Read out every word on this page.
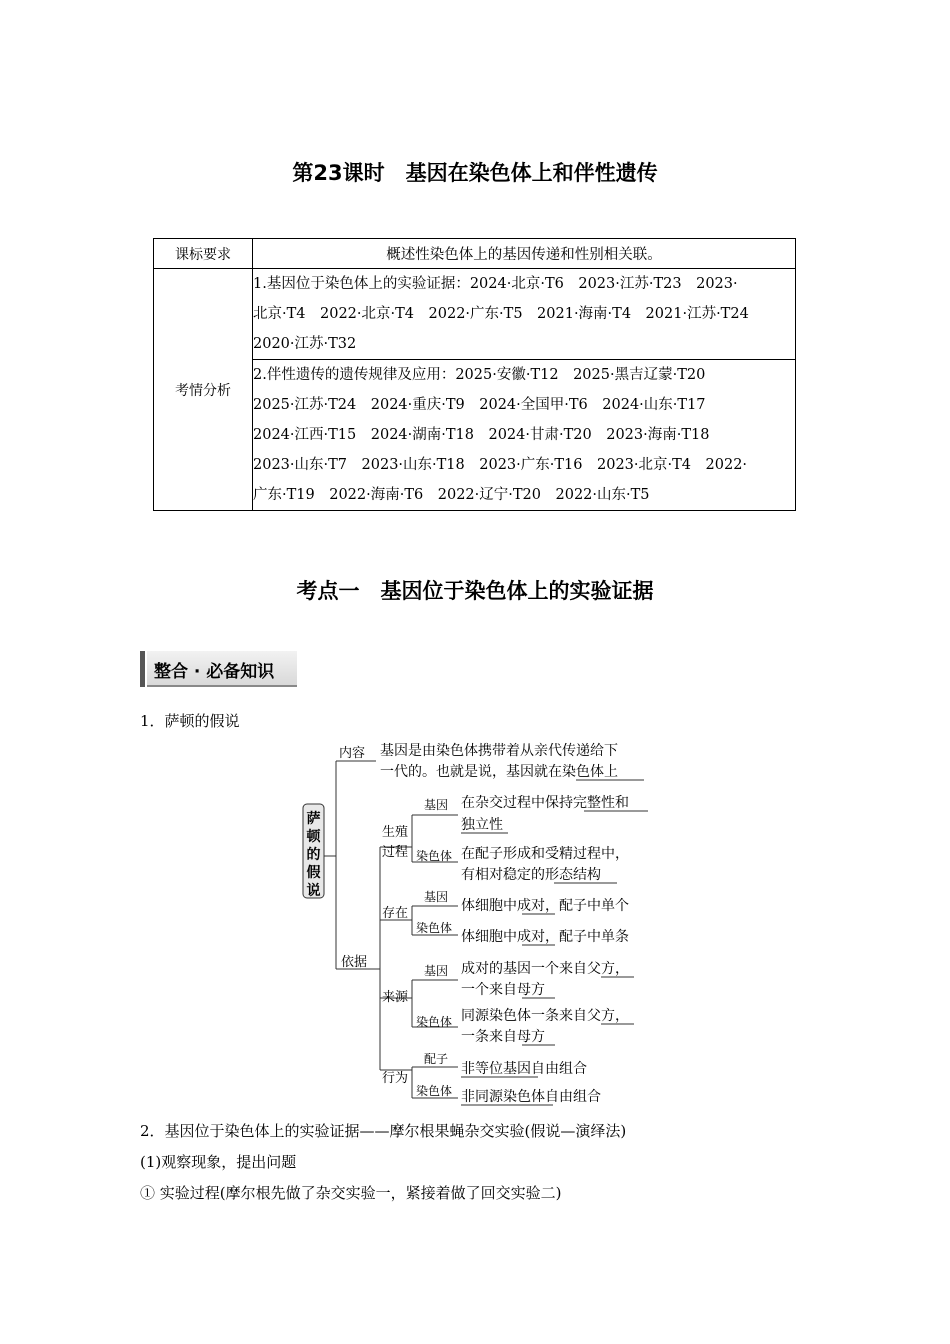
第23课时　基因在染色体上和伴性遗传
课标要求	概述性染色体上的基因传递和性别相关联。
考情分析	1.基因位于染色体上的实验证据：2024·北京·T6　2023·江苏·T23　2023·
北京·T4　2022·北京·T4　2022·广东·T5　2021·海南·T4　2021·江苏·T24
2020·江苏·T32

	2.伴性遗传的遗传规律及应用：2025·安徽·T12　2025·黑吉辽蒙·T20
2025·江苏·T24　2024·重庆·T9　2024·全国甲·T6　2024·山东·T17
2024·江西·T15　2024·湖南·T18　2024·甘肃·T20　2023·海南·T18
2023·山东·T7　2023·山东·T18　2023·广东·T16　2023·北京·T4　2022·
广东·T19　2022·海南·T6　2022·辽宁·T20　2022·山东·T5
考点一　基因位于染色体上的实验证据
整合 · 必备知识
1．萨顿的假说
萨
顿
的
假
说
内容
依据
生殖
过程
存在
来源
行为
基因
染色体
基因
染色体
基因
染色体
配子
染色体
基因是由染色体携带着从亲代传递给下
一代的。也就是说，基因就在染色体上
在杂交过程中保持完整性和
独立性
在配子形成和受精过程中，
有相对稳定的形态结构
体细胞中成对，配子中单个
体细胞中成对，配子中单条
成对的基因一个来自父方，
一个来自母方
同源染色体一条来自父方，
一条来自母方
非等位基因自由组合
非同源染色体自由组合
2．基因位于染色体上的实验证据——摩尔根果蝇杂交实验(假说—演绎法)
(1)观察现象，提出问题
① 实验过程(摩尔根先做了杂交实验一，紧接着做了回交实验二)
